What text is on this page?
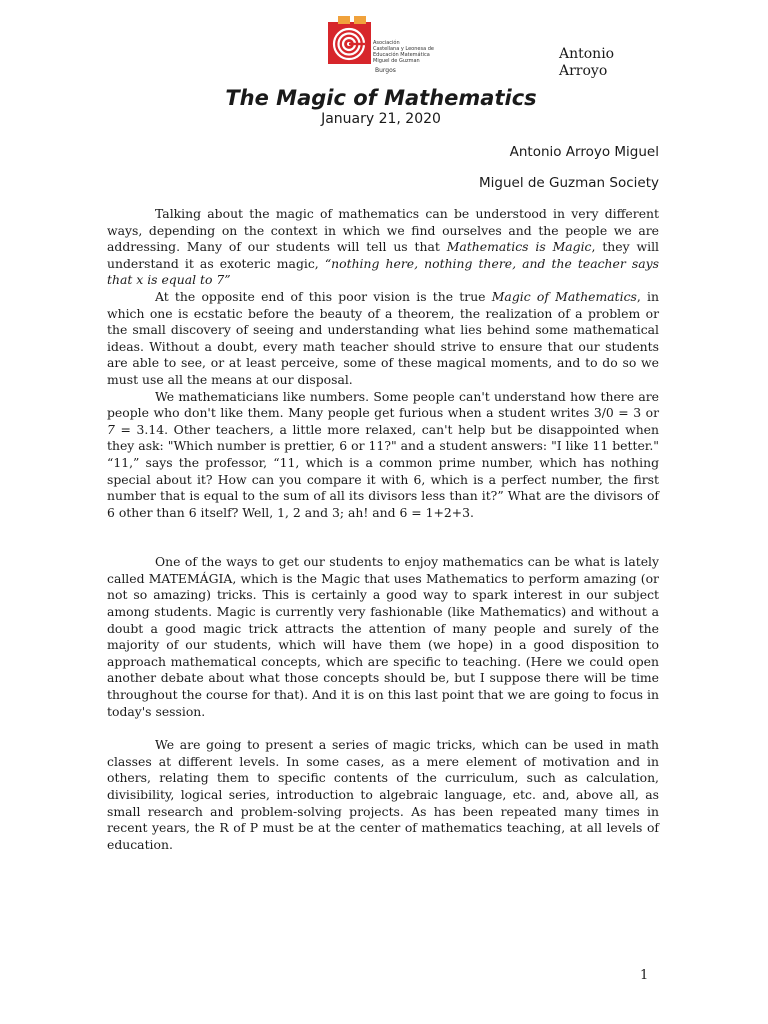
Asociación
Castellana y Leonesa de
Educación Matemática
Miguel de Guzman
Burgos
Antonio
Arroyo
The Magic of Mathematics
January 21, 2020
Antonio Arroyo Miguel
Miguel de Guzman Society

Talking about the magic of mathematics can be understood in very different ways, depending on the context in which we find ourselves and the people we are addressing. Many of our students will tell us that Mathematics is Magic, they will understand it as exoteric magic, “nothing here, nothing there, and the teacher says that x is equal to 7”

At the opposite end of this poor vision is the true Magic of Mathematics, in which one is ecstatic before the beauty of a theorem, the realization of a problem or the small discovery of seeing and understanding what lies behind some mathematical ideas. Without a doubt, every math teacher should strive to ensure that our students are able to see, or at least perceive, some of these magical moments, and to do so we must use all the means at our disposal.

We mathematicians like numbers. Some people can't understand how there are people who don't like them. Many people get furious when a student writes 3/0 = 3 or 7 = 3.14. Other teachers, a little more relaxed, can't help but be disappointed when they ask: "Which number is prettier, 6 or 11?" and a student answers: "I like 11 better." “11,” says the professor, “11, which is a common prime number, which has nothing special about it? How can you compare it with 6, which is a perfect number, the first number that is equal to the sum of all its divisors less than it?” What are the divisors of 6 other than 6 itself? Well, 1, 2 and 3; ah! and 6 = 1+2+3.

One of the ways to get our students to enjoy mathematics can be what is lately called MATEMÁGIA, which is the Magic that uses Mathematics to perform amazing (or not so amazing) tricks. This is certainly a good way to spark interest in our subject among students. Magic is currently very fashionable (like Mathematics) and without a doubt a good magic trick attracts the attention of many people and surely of the majority of our students, which will have them (we hope) in a good disposition to approach mathematical concepts, which are specific to teaching. (Here we could open another debate about what those concepts should be, but I suppose there will be time throughout the course for that). And it is on this last point that we are going to focus in today's session.

We are going to present a series of magic tricks, which can be used in math classes at different levels. In some cases, as a mere element of motivation and in others, relating them to specific contents of the curriculum, such as calculation, divisibility, logical series, introduction to algebraic language, etc. and, above all, as small research and problem-solving projects. As has been repeated many times in recent years, the R of P must be at the center of mathematics teaching, at all levels of education.

1
